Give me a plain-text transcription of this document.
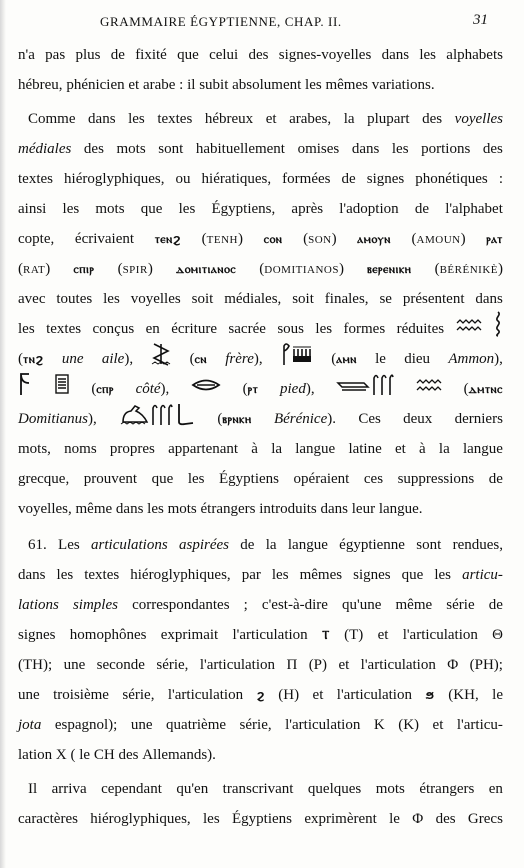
GRAMMAIRE ÉGYPTIENNE, CHAP. II.	31
n'a pas plus de fixité que celui des signes-voyelles dans les alphabets
hébreu,
phénicien
et
arabe
:
il
subit
absolument
les
mêmes
variations.
Comme dans les textes hébreux et arabes, la plupart des voyelles
médiales des mots sont habituellement omises dans les portions des
textes hiéroglyphiques, ou hiératiques, formées de signes phonétiques :
ainsi les mots que les Égyptiens, après l'adoption de l'alphabet
copte, écrivaient ⲧⲉⲛϩ (TENH) ⲥⲟⲛ (SON) ⲁⲙⲟⲩⲛ (AMOUN) ⲣⲁⲧ
(RAT) ⲥⲡⲓⲣ (SPIR) ⲇⲟⲙⲓⲧⲓⲁⲛⲟⲥ (DOMITIANOS) ⲃⲉⲣⲉⲛⲓⲕⲏ (BÉRÉNIKÈ)
avec toutes les voyelles soit médiales, soit finales, se présentent dans
les textes conçus en écriture sacrée sous les formes réduites
(ⲧⲛϩ une aile),	(ⲥⲛ frère),	(ⲁⲙⲛ le dieu Ammon),
(ⲥⲡⲣ côté),	(ⲣⲧ pied),	(ⲇⲙⲧⲛⲥ
Domitianus),	(ⲃⲣⲛⲕⲏ Bérénice). Ces deux derniers
mots, noms propres appartenant à la langue latine et à la langue
grecque, prouvent que les Égyptiens opéraient ces suppressions de
voyelles,
même
dans
les
mots
étrangers
introduits
dans
leur
langue.
61. Les articulations aspirées de la langue égyptienne sont rendues,
dans les textes hiéroglyphiques, par les mêmes signes que les articu-
lations simples correspondantes ; c'est-à-dire qu'une même série de
signes homophônes exprimait l'articulation Ⲧ (T) et l'articulation Θ
(TH); une seconde série, l'articulation Π (P) et l'articulation Φ (PH);
une troisième série, l'articulation ϩ (H) et l'articulation ϧ (KH, le
jota espagnol); une quatrième série, l'articulation K (K) et l'articu-
lation
X
(
le
CH
des
Allemands).
Il arriva cependant qu'en transcrivant quelques mots étrangers en
caractères hiéroglyphiques, les Égyptiens exprimèrent le Φ des Grecs
